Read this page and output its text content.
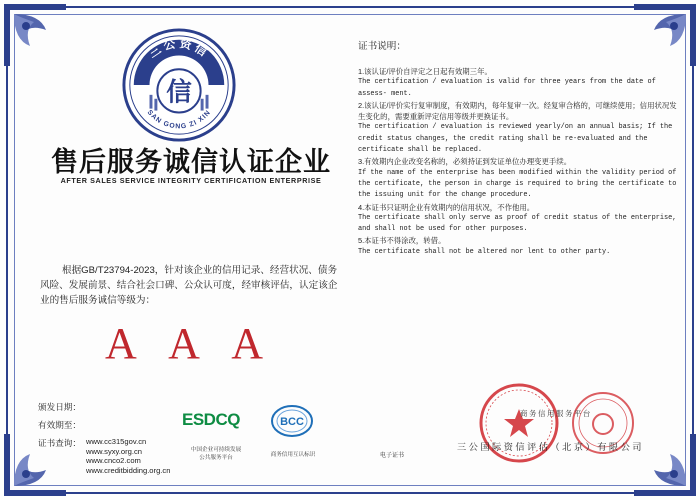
三公资信
SAN GONG ZI XIN
信
售后服务诚信认证企业
AFTER SALES SERVICE INTEGRITY CERTIFICATION ENTERPRISE
根据GB/T23794-2023，针对该企业的信用记录、经营状况、债务风险、发展前景、结合社会口碑、公众认可度，经审核评估，认定该企业的售后服务诚信等级为：
A A A
颁发日期：
有效期至：
证书查询： www.cc315gov.cn
www.syxy.org.cn
www.cnco2.com
www.creditbidding.org.cn
ESDCQ
中国企业可持续发展
公共服务平台
BCC
商务信用互认标识	电子证书
证书说明：

1.该认证/评价自评定之日起有效期三年。

The certification / evaluation is valid for three years from the date of assess- ment.

2.该认证/评价实行复审制度，有效期内，每年复审一次。经复审合格的，可继续使用；信用状况发生变化的，需要重新评定信用等级并更换证书。

The certification / evaluation is reviewed yearly/on an annual basis; If the credit status changes, the credit rating shall be re-evaluated and the certificate shall be replaced.

3.有效期内企业改变名称的，必须持证到发证单位办理变更手续。

If the name of the enterprise has been modified within the validity period of the certificate, the person in charge is required to bring the certificate to the issuing unit for the change procedure.

4.本证书只证明企业有效期内的信用状况，不作他用。

The certificate shall only serve as proof of credit status of the enterprise, and shall not be used for other purposes.

5.本证书不得涂改，转借。

The certificate shall not be altered nor lent to other party.

商务信用服务平台
三公国际资信评估（北京）有限公司
